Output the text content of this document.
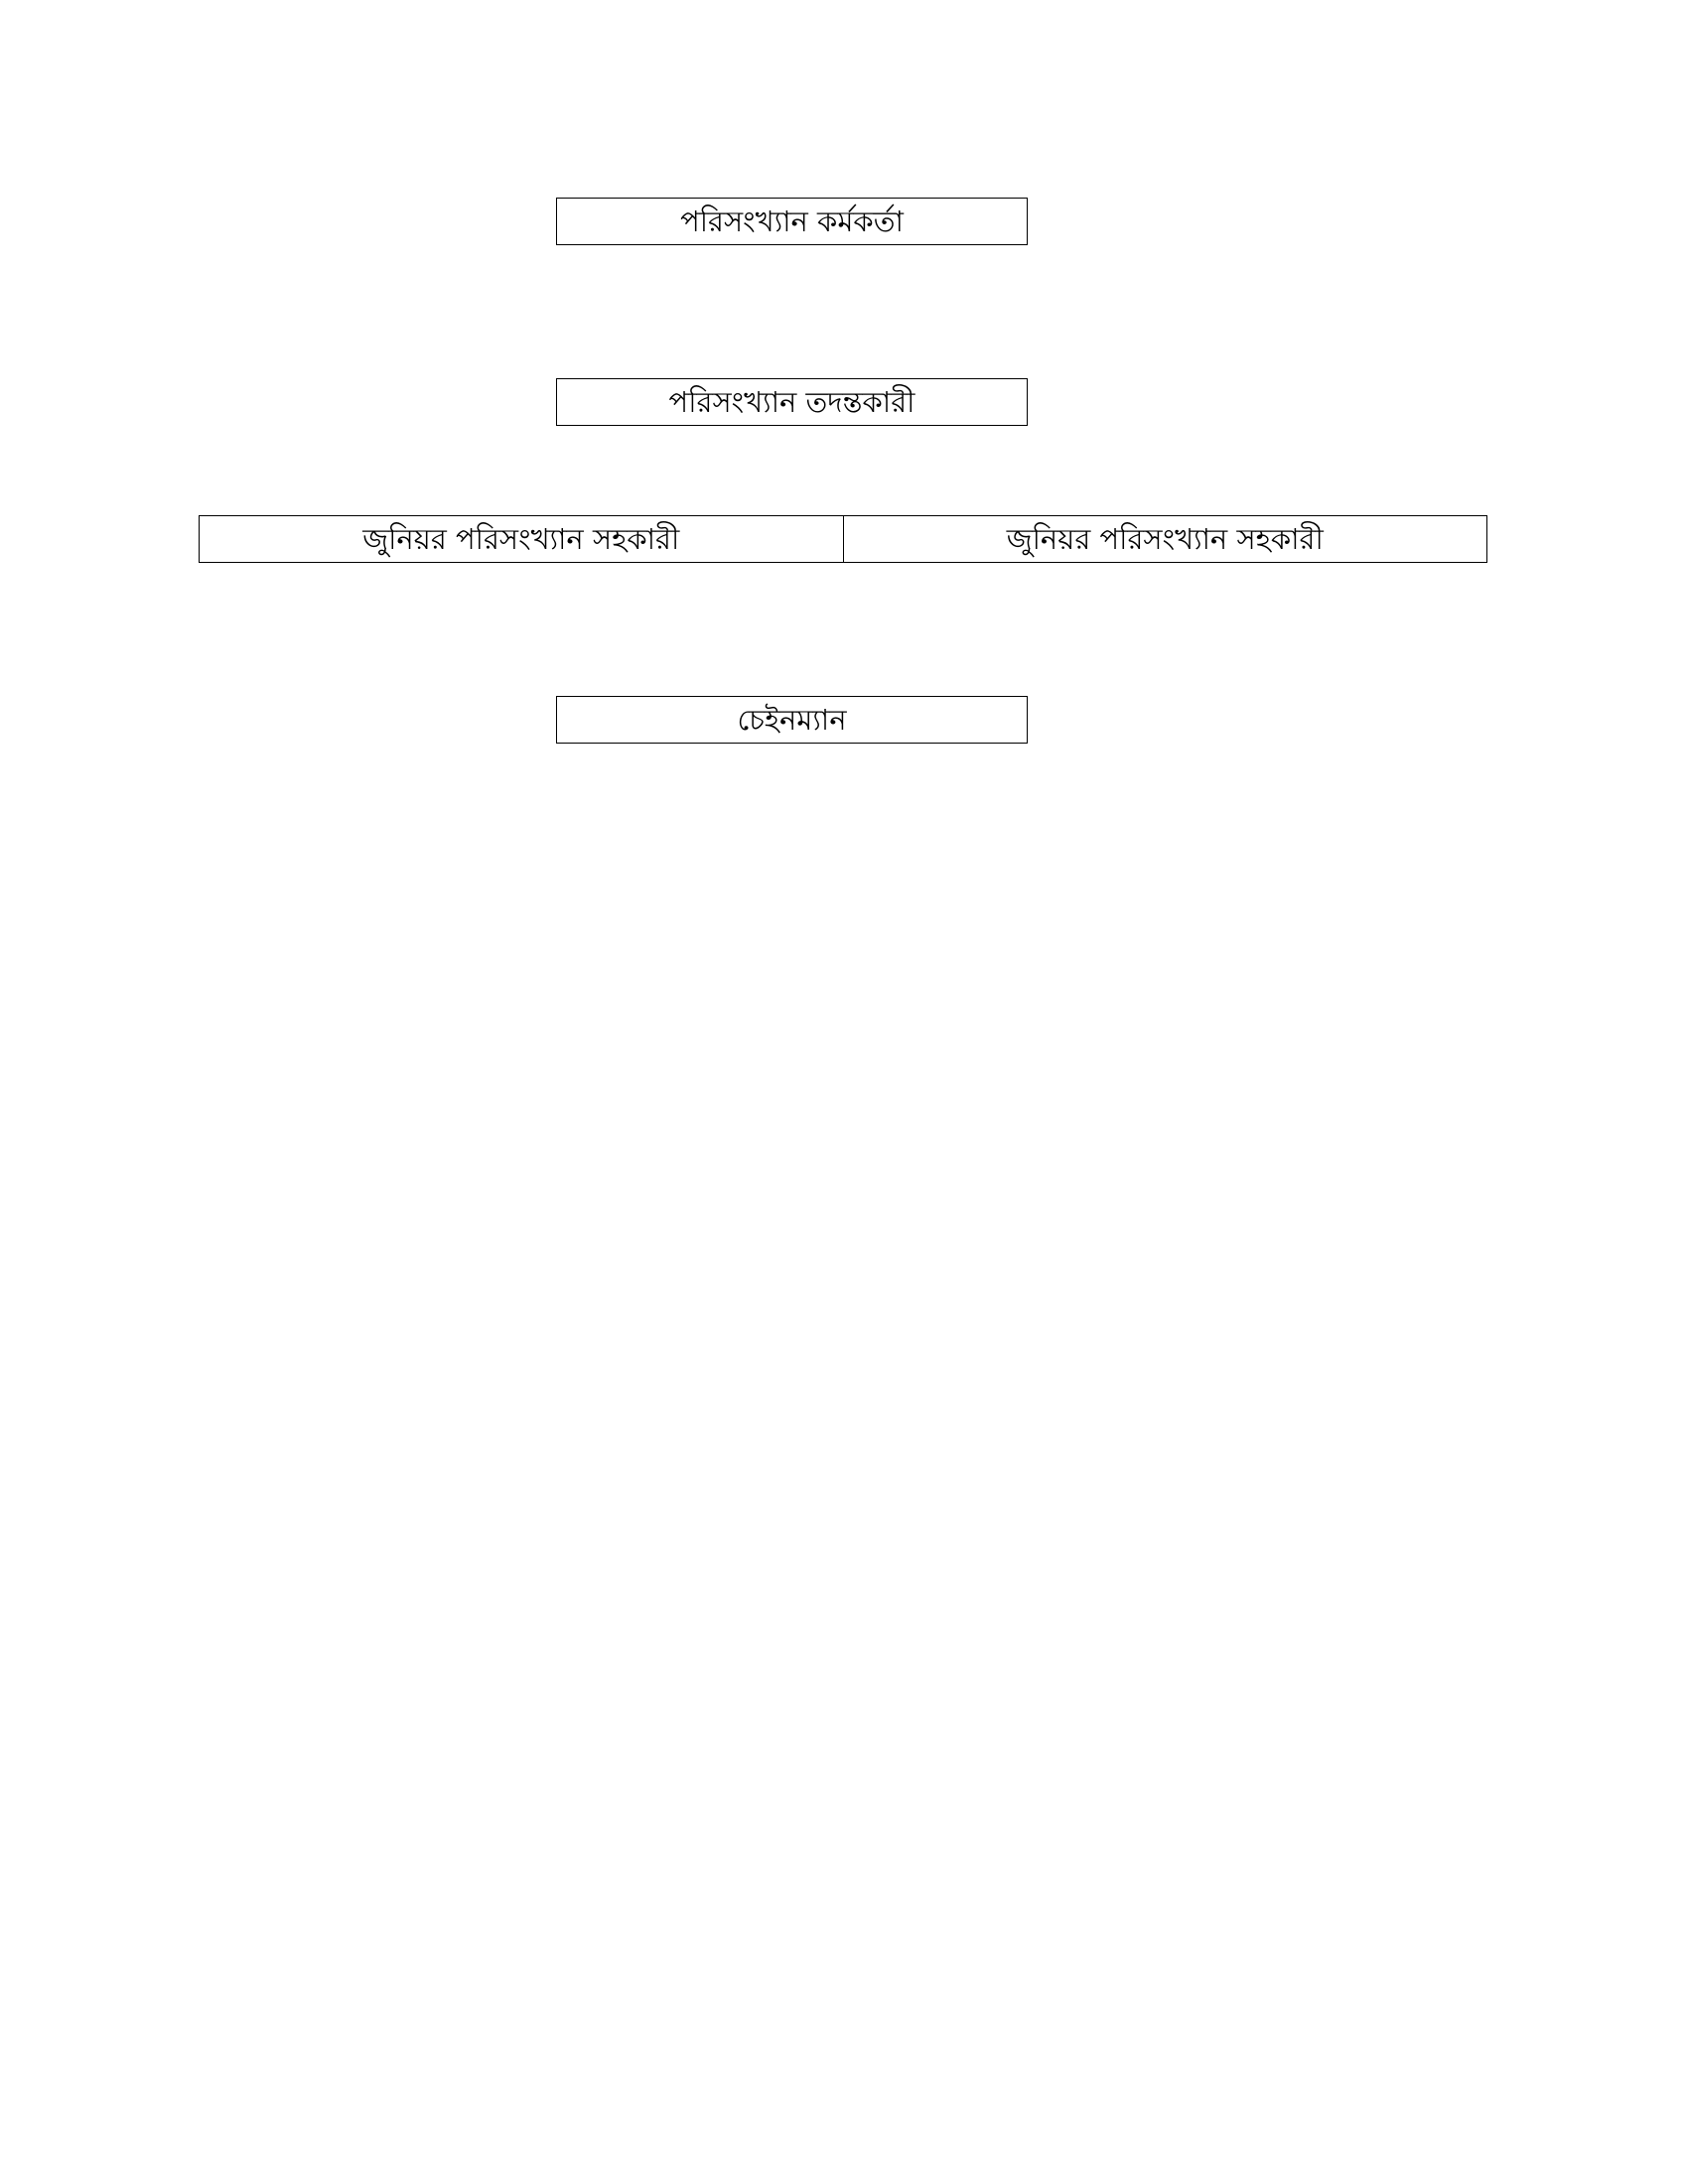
পরিসংখ্যান কর্মকর্তা
পরিসংখ্যান তদন্তকারী
জুনিয়র পরিসংখ্যান সহকারী	জুনিয়র পরিসংখ্যান সহকারী
চেইনম্যান
